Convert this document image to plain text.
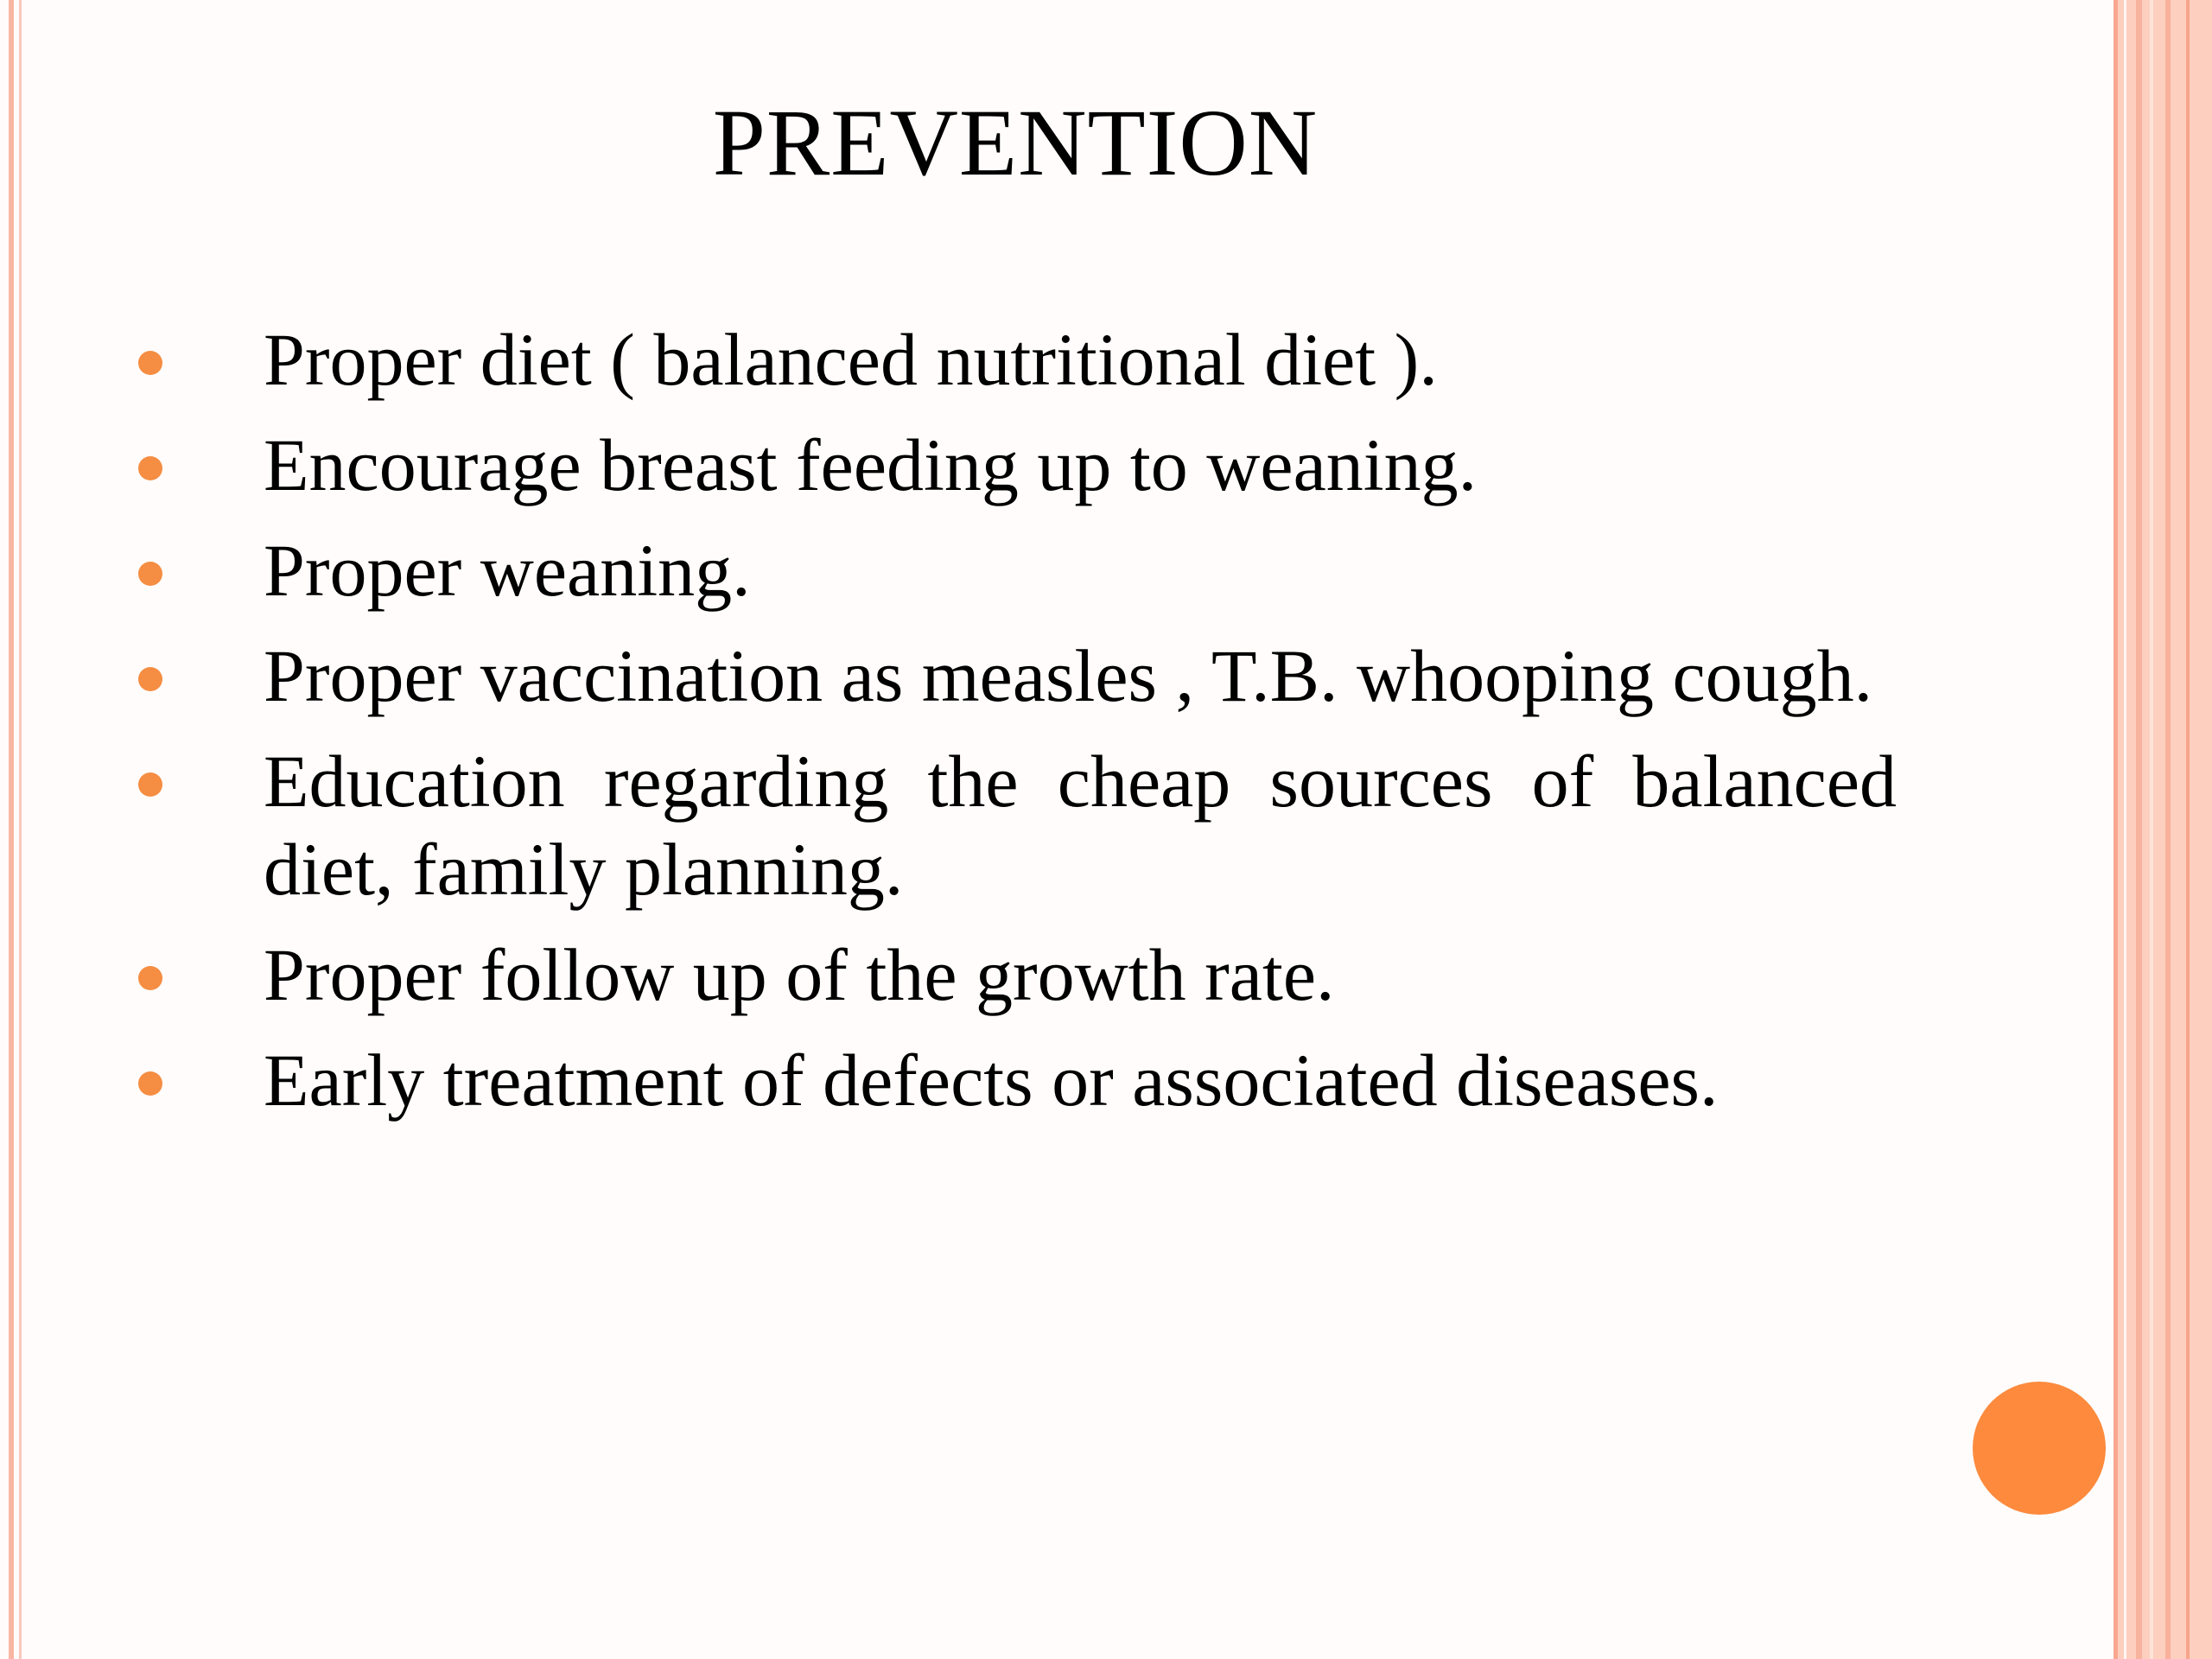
PREVENTION
Proper diet ( balanced nutritional diet ).
Encourage breast feeding up to weaning.
Proper weaning.
Proper vaccination as measles , T.B. whooping cough.
Education regarding the cheap sources of balanced diet, family planning.
Proper follow up of the growth rate.
Early treatment of defects or associated diseases.
